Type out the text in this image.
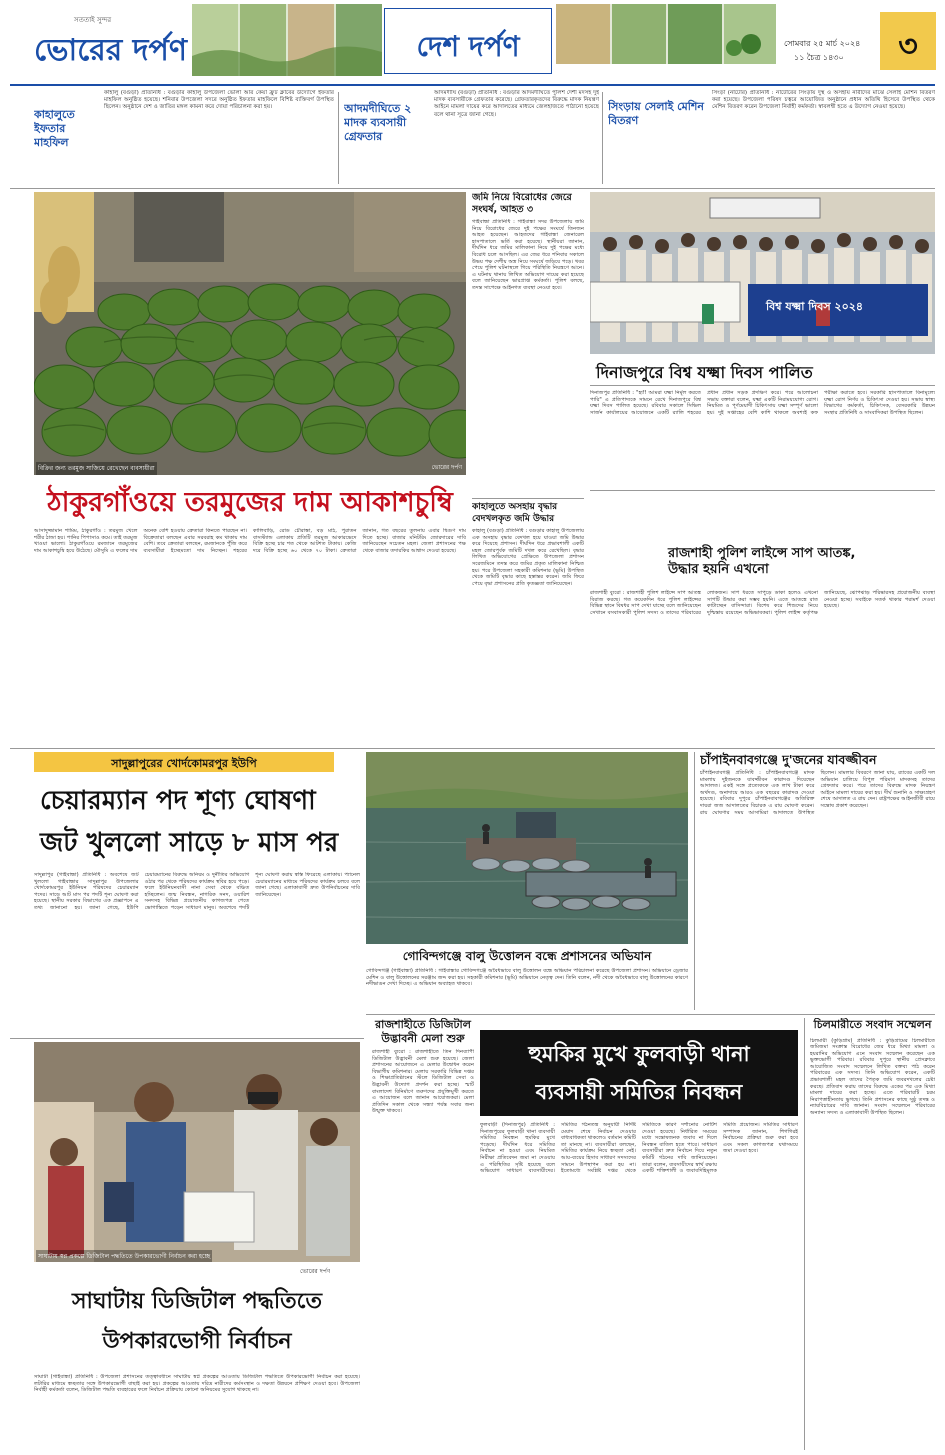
সততাই সুন্দর
ভোরের দর্পণ	দেশ দর্পণ	সোমবার ২৫ মার্চ ২০২৪
১১ চৈত্র ১৪৩০	৩
কাহালুতে ইফতার মাহফিল
কাহালু (বগুড়া) প্রতিনিধি : বগুড়ার কাহালু উপজেলা ভোলা আর কেয়া ফ্রুট ক্লাবের উদ্যোগে ইফতার মাহফিল অনুষ্ঠিত হয়েছে। শনিবার উপজেলা সদরে অনুষ্ঠিত ইফতার মাহফিলে বিশিষ্ট ব্যক্তিবর্গ উপস্থিত ছিলেন। অনুষ্ঠানে দেশ ও জাতির মঙ্গল কামনা করে দোয়া পরিচালনা করা হয়।	আদমদীঘিতে ২ মাদক ব্যবসায়ী গ্রেফতার
আদমদীঘি (বগুড়া) প্রতিনিধি : বগুড়ার আদমদীঘিতে পুলিশ দেশী মদসহ দুই মাদক ব্যবসায়ীকে গ্রেফতার করেছে। গ্রেফতারকৃতদের বিরুদ্ধে মাদক নিয়ন্ত্রণ আইনে মামলা দায়ের করে আদালতের মাধ্যমে জেলহাজতে পাঠানো হয়েছে বলে থানা সূত্রে জানা গেছে।
সিংড়ায় সেলাই মেশিন বিতরণ
সিংড়া (নাটোর) প্রতিনিধি : নাটোরের সিংড়ায় দুস্থ ও অসহায় নারীদের মাঝে সেলাই মেশিন বিতরণ করা হয়েছে। উপজেলা পরিষদ চত্বরে আয়োজিত অনুষ্ঠানে প্রধান অতিথি হিসেবে উপস্থিত থেকে মেশিন বিতরণ করেন উপজেলা নির্বাহী কর্মকর্তা। স্বাবলম্বী হতে এ উদ্যোগ নেওয়া হয়েছে।
বিক্রির জন্য তরমুজ সাজিয়ে রেখেছেন ব্যবসায়ীরা	ভোরের দর্পণ
জমি নিয়ে বিরোধের জেরে সংঘর্ষ, আহত ৩
গাইবান্ধা প্রতিনিধি : গাইবান্ধা সদর উপজেলায় জমি নিয়ে বিরোধের জেরে দুই পক্ষের সংঘর্ষে তিনজন আহত হয়েছেন। আহতদের গাইবান্ধা জেনারেল হাসপাতালে ভর্তি করা হয়েছে। স্থানীয়রা জানান, দীর্ঘদিন ধরে জমির মালিকানা নিয়ে দুই পক্ষের মধ্যে বিরোধ চলে আসছিল। এর জের ধরে শনিবার সকালে উভয় পক্ষ দেশীয় অস্ত্র নিয়ে সংঘর্ষে জড়িয়ে পড়ে। খবর পেয়ে পুলিশ ঘটনাস্থলে গিয়ে পরিস্থিতি নিয়ন্ত্রণে আনে। এ ঘটনায় থানায় লিখিত অভিযোগ দায়ের করা হয়েছে বলে জানিয়েছেন ভারপ্রাপ্ত কর্মকর্তা। পুলিশ বলছে, তদন্ত সাপেক্ষে আইনগত ব্যবস্থা নেওয়া হবে।
বিশ্ব যক্ষ্মা দিবস ২০২৪
দিনাজপুরে বিশ্ব যক্ষ্মা দিবস পালিত
দিনাজপুর প্রতিনিধি : "হ্যাঁ! আমরা যক্ষ্মা নির্মূল করতে পারি" এ প্রতিপাদ্যকে সামনে রেখে দিনাজপুরে বিশ্ব যক্ষ্মা দিবস পালিত হয়েছে। রবিবার সকালে সিভিল সার্জন কার্যালয়ের আয়োজনে একটি র‍্যালি শহরের প্রধান প্রধান সড়ক প্রদক্ষিণ করে। পরে আলোচনা সভায় বক্তারা বলেন, যক্ষ্মা একটি নিরাময়যোগ্য রোগ। নিয়মিত ও পূর্ণমেয়াদী চিকিৎসায় যক্ষ্মা সম্পূর্ণ ভালো হয়। দুই সপ্তাহের বেশি কাশি থাকলে অবশ্যই কফ পরীক্ষা করাতে হবে। সরকারি হাসপাতালে বিনামূল্যে যক্ষ্মা রোগ নির্ণয় ও চিকিৎসা দেওয়া হয়। সভায় স্বাস্থ্য বিভাগের কর্মকর্তা, চিকিৎসক, বেসরকারি উন্নয়ন সংস্থার প্রতিনিধি ও সাংবাদিকরা উপস্থিত ছিলেন।
ঠাকুরগাঁওয়ে তরমুজের দাম আকাশচুম্বি
আসাদুজ্জামান শামিম, ঠাকুরগাঁও : তরমুজ খেলে শরীর ঠান্ডা হয়। পানির পিপাসাও কমে। তাই তরমুজ খাওয়া ভালো। ঠাকুরগাঁওয়ে রমজানে তরমুজের দাম আকাশচুম্বি হয়ে উঠেছে। মৌসুমি এ ফলের দাম অনেক বেশি হওয়ায় ক্রেতারা কিনতে পারছেন না। বিক্রেতারা বলছেন এবার সরবরাহ কম থাকায় দাম বেশি। তবে ক্রেতারা বলছেন, রমজানকে পুঁজি করে ব্যবসায়ীরা ইচ্ছেমতো দাম নিচ্ছেন। শহরের কালিবাড়ি, রোড চৌরাস্তা, বড় মাঠ, পুরাতন বাসস্ট্যান্ড এলাকায় প্রতিটি তরমুজ আকারভেদে বিক্রি হচ্ছে চার শত থেকে আটশত টাকায়। কেজি দরে বিক্রি হচ্ছে ৬০ থেকে ৭০ টাকা। ক্রেতারা জানান, গত বছরের তুলনায় এবার দ্বিগুণ দাম দিতে হচ্ছে। বাজার মনিটরিং জোরদারের দাবি জানিয়েছেন সচেতন মহল। জেলা প্রশাসনের পক্ষ থেকে বাজার তদারকির আশ্বাস দেওয়া হয়েছে।
কাহালুতে অসহায় বৃদ্ধার বেদখলকৃত জমি উদ্ধার
কাহালু (বগুড়া) প্রতিনিধি : বগুড়ার কাহালু উপজেলায় এক অসহায় বৃদ্ধার বেদখল হয়ে যাওয়া জমি উদ্ধার করে দিয়েছে প্রশাসন। দীর্ঘদিন ধরে প্রভাবশালী একটি মহল জোরপূর্বক জমিটি দখল করে রেখেছিল। বৃদ্ধার লিখিত অভিযোগের প্রেক্ষিতে উপজেলা প্রশাসন সরেজমিনে তদন্ত করে জমির প্রকৃত মালিকানা নিশ্চিত হয়। পরে উপজেলা সহকারী কমিশনার (ভূমি) উপস্থিত থেকে জমিটি বৃদ্ধার কাছে হস্তান্তর করেন। জমি ফিরে পেয়ে বৃদ্ধা প্রশাসনের প্রতি কৃতজ্ঞতা জানিয়েছেন।
রাজশাহী পুলিশ লাইন্সে সাপ আতঙ্ক, উদ্ধার হয়নি এখনো
রাজশাহী ব্যুরো : রাজশাহী পুলিশ লাইন্সে সাপ আতঙ্ক বিরাজ করছে। গত কয়েকদিন ধরে পুলিশ লাইন্সের বিভিন্ন স্থানে বিষধর সাপ দেখা যাচ্ছে বলে জানিয়েছেন সেখানে বসবাসকারী পুলিশ সদস্য ও তাদের পরিবারের লোকজন। সাপ ধরতে সাপুড়ে ডাকা হলেও এখনো সাপটি উদ্ধার করা সম্ভব হয়নি। এতে আতঙ্কে রাত কাটাচ্ছেন বাসিন্দারা। বিশেষ করে শিশুদের নিয়ে দুশ্চিন্তায় রয়েছেন অভিভাবকরা। পুলিশ লাইন্স কর্তৃপক্ষ জানিয়েছে, ঝোপঝাড় পরিষ্কারসহ প্রয়োজনীয় ব্যবস্থা নেওয়া হচ্ছে। সবাইকে সতর্ক থাকার পরামর্শ দেওয়া হয়েছে।
সাদুল্লাপুরের খোর্দকোমরপুর ইউপি
চেয়ারম্যান পদ শূণ্য ঘোষণা
জট খুললো সাড়ে ৮ মাস পর
সাদুল্লাপুর (গাইবান্ধা) প্রতিনিধি : অবশেষে জট খুললো গাইবান্ধার সাদুল্লাপুর উপজেলার খোর্দকোমরপুর ইউনিয়ন পরিষদের চেয়ারম্যান পদের। সাড়ে আট মাস পর পদটি শূন্য ঘোষণা করা হয়েছে। স্থানীয় সরকার বিভাগের এক প্রজ্ঞাপনে এ তথ্য জানানো হয়। জানা গেছে, ইউপি চেয়ারম্যানের বিরুদ্ধে অনিয়ম ও দুর্নীতির অভিযোগ ওঠার পর থেকে পরিষদের কার্যক্রম স্থবির হয়ে পড়ে। ফলে ইউনিয়নবাসী নানা সেবা থেকে বঞ্চিত হচ্ছিলেন। জন্ম নিবন্ধন, নাগরিক সনদ, ওয়ারিশ সনদসহ বিভিন্ন প্রয়োজনীয় কাগজপত্র পেতে ভোগান্তিতে পড়েন সাধারণ মানুষ। অবশেষে পদটি শূন্য ঘোষণা করায় স্বস্তি ফিরেছে এলাকায়। প্যানেল চেয়ারম্যানের মাধ্যমে পরিষদের কার্যক্রম চলবে বলে জানা গেছে। এলাকাবাসী দ্রুত উপনির্বাচনের দাবি জানিয়েছেন।
গোবিন্দগঞ্জে বালু উত্তোলন বন্ধে প্রশাসনের অভিযান
গোবিন্দগঞ্জ (গাইবান্ধা) প্রতিনিধি : গাইবান্ধার গোবিন্দগঞ্জে অবৈধভাবে বালু উত্তোলন বন্ধে অভিযান পরিচালনা করেছে উপজেলা প্রশাসন। অভিযানে ড্রেজার মেশিন ও বালু উত্তোলনের সরঞ্জাম জব্দ করা হয়। সহকারী কমিশনার (ভূমি) অভিযানে নেতৃত্ব দেন। তিনি বলেন, নদী থেকে অবৈধভাবে বালু উত্তোলনের কারণে নদীভাঙন দেখা দিচ্ছে। এ অভিযান অব্যাহত থাকবে।
চাঁপাইনবাবগঞ্জে দু'জনের যাবজ্জীবন
চাঁপাইনবাবগঞ্জ প্রতিনিধি : চাঁপাইনবাবগঞ্জে মাদক মামলায় দুইজনকে যাবজ্জীবন কারাদণ্ড দিয়েছেন আদালত। একই সঙ্গে প্রত্যেককে এক লাখ টাকা করে অর্থদণ্ড, অনাদায়ে আরও এক বছরের কারাদণ্ড দেওয়া হয়েছে। রবিবার দুপুরে চাঁপাইনবাবগঞ্জের অতিরিক্ত দায়রা জজ আদালতের বিচারক এ রায় ঘোষণা করেন। রায় ঘোষণার সময় আসামিরা আদালতে উপস্থিত ছিলেন। মামলার বিবরণে জানা যায়, র‍্যাবের একটি দল অভিযান চালিয়ে বিপুল পরিমাণ মাদকসহ তাদের গ্রেফতার করে। পরে তাদের বিরুদ্ধে মাদক নিয়ন্ত্রণ আইনে মামলা দায়ের করা হয়। দীর্ঘ শুনানি ও সাক্ষ্যগ্রহণ শেষে আদালত এ রায় দেন। রাষ্ট্রপক্ষের আইনজীবী রায়ে সন্তোষ প্রকাশ করেছেন।
রাজশাহীতে ডিজিটাল উদ্ভাবনী মেলা শুরু
রাজশাহী ব্যুরো : রাজশাহীতে তিন দিনব্যাপী ডিজিটাল উদ্ভাবনী মেলা শুরু হয়েছে। জেলা প্রশাসনের আয়োজনে এ মেলার উদ্বোধন করেন বিভাগীয় কমিশনার। মেলায় সরকারি বিভিন্ন দপ্তর ও শিক্ষাপ্রতিষ্ঠানের স্টলে ডিজিটাল সেবা ও উদ্ভাবনী উদ্যোগ প্রদর্শন করা হচ্ছে। স্মার্ট বাংলাদেশ বিনির্মাণে তরুণদের প্রযুক্তিমুখী করতে এ আয়োজন বলে জানান আয়োজকরা। মেলা প্রতিদিন সকাল থেকে সন্ধ্যা পর্যন্ত সবার জন্য উন্মুক্ত থাকবে।
হুমকির মুখে ফুলবাড়ী থানা
ব্যবসায়ী সমিতির নিবন্ধন
ফুলবাড়ী (দিনাজপুর) প্রতিনিধি : দিনাজপুরের ফুলবাড়ী থানা ব্যবসায়ী সমিতির নিবন্ধন হুমকির মুখে পড়েছে। দীর্ঘদিন ধরে সমিতির নির্বাচন না হওয়া এবং নিয়মিত নিরীক্ষা প্রতিবেদন জমা না দেওয়ায় এ পরিস্থিতির সৃষ্টি হয়েছে বলে অভিযোগ সাধারণ ব্যবসায়ীদের। সমিতির গঠনতন্ত্র অনুযায়ী নির্দিষ্ট মেয়াদ শেষে নির্বাচন দেওয়ার বাধ্যবাধকতা থাকলেও বর্তমান কমিটি তা মানছে না। ব্যবসায়ীরা বলছেন, সমিতির কার্যক্রম নিয়ে স্বচ্ছতা নেই। আয়-ব্যয়ের হিসাব সাধারণ সদস্যদের সামনে উপস্থাপন করা হয় না। ইতোমধ্যে সংশ্লিষ্ট দপ্তর থেকে সমিতিকে কারণ দর্শানোর নোটিশ দেওয়া হয়েছে। নির্ধারিত সময়ের মধ্যে সন্তোষজনক জবাব না দিলে নিবন্ধন বাতিল হতে পারে। সাধারণ ব্যবসায়ীরা দ্রুত নির্বাচন দিয়ে নতুন কমিটি গঠনের দাবি জানিয়েছেন। তারা বলেন, ব্যবসায়ীদের স্বার্থ রক্ষায় একটি শক্তিশালী ও জবাবদিহিমূলক সমিতি প্রয়োজন। সমিতির সাধারণ সম্পাদক জানান, শিগগিরই নির্বাচনের প্রক্রিয়া শুরু করা হবে এবং সকল কাগজপত্র যথাসময়ে জমা দেওয়া হবে।
চিলমারীতে সংবাদ সম্মেলন
চিলমারী (কুড়িগ্রাম) প্রতিনিধি : কুড়িগ্রামের চিলমারীতে জমিজমা সংক্রান্ত বিরোধের জের ধরে মিথ্যা মামলা ও হয়রানির অভিযোগ এনে সংবাদ সম্মেলন করেছেন এক ভুক্তভোগী পরিবার। রবিবার দুপুরে স্থানীয় প্রেসক্লাবে আয়োজিত সংবাদ সম্মেলনে লিখিত বক্তব্য পাঠ করেন পরিবারের এক সদস্য। তিনি অভিযোগ করেন, একটি প্রভাবশালী মহল তাদের পৈতৃক জমি জবরদখলের চেষ্টা করছে। প্রতিবাদ করায় তাদের বিরুদ্ধে একের পর এক মিথ্যা মামলা দায়ের করা হচ্ছে। এতে পরিবারটি চরম নিরাপত্তাহীনতায় ভুগছে। তিনি প্রশাসনের কাছে সুষ্ঠু তদন্ত ও ন্যায়বিচারের দাবি জানান। সংবাদ সম্মেলনে পরিবারের অন্যান্য সদস্য ও এলাকাবাসী উপস্থিত ছিলেন।
সাঘাটায় স্বপ্ন প্রকল্পে ডিজিটাল পদ্ধতিতে উপকারভোগী নির্বাচন করা হচ্ছে
ভোরের দর্পণ
সাঘাটায় ডিজিটাল পদ্ধতিতে
উপকারভোগী নির্বাচন
সাঘাটা (গাইবান্ধা) প্রতিনিধি : উপজেলা প্রশাসনের তত্ত্বাবধানে সাঘাটায় স্বপ্ন প্রকল্পের আওতায় ডিজিটাল পদ্ধতিতে উপকারভোগী নির্বাচন করা হয়েছে। লটারির মাধ্যমে স্বচ্ছতার সঙ্গে উপকারভোগী বাছাই করা হয়। প্রকল্পের আওতায় দরিদ্র নারীদের কর্মসংস্থান ও দক্ষতা উন্নয়নে প্রশিক্ষণ দেওয়া হবে। উপজেলা নির্বাহী কর্মকর্তা বলেন, ডিজিটাল পদ্ধতি ব্যবহারের ফলে নির্বাচন প্রক্রিয়ায় কোনো অনিয়মের সুযোগ থাকছে না।
